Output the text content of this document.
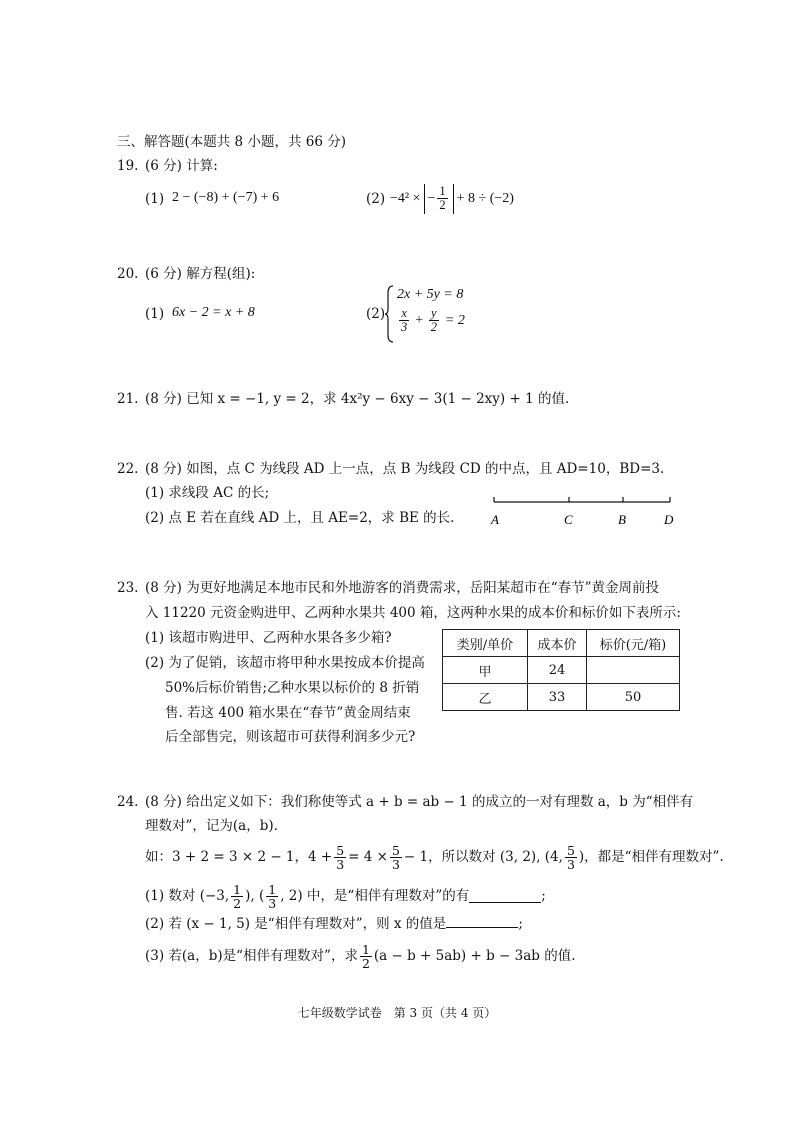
三、解答题(本题共 8 小题，共 66 分)
19. (6 分) 计算:
(1) 2 − (−8) + (−7) + 6	(2) −4² × − $\frac{1}{2} + 8 \div (-2)$
20. (6 分) 解方程(组):
(1) 6x − 2 = x + 8	(2)
2x + 5y = 8
$\frac{x}{3} + \frac{y}{2} = 2$
21. (8 分) 已知 x = −1, y = 2，求 4x²y − 6xy − 3(1 − 2xy) + 1 的值.
22. (8 分) 如图，点 C 为线段 AD 上一点，点 B 为线段 CD 的中点，且 AD=10，BD=3.
(1) 求线段 AC 的长;
(2) 点 E 若在直线 AD 上，且 AE=2，求 BE 的长.	A	C	B	D
23. (8 分) 为更好地满足本地市民和外地游客的消费需求，岳阳某超市在“春节”黄金周前投
入 11220 元资金购进甲、乙两种水果共 400 箱，这两种水果的成本价和标价如下表所示:
(1) 该超市购进甲、乙两种水果各多少箱?
(2) 为了促销，该超市将甲种水果按成本价提高
50%后标价销售;乙种水果以标价的 8 折销
售. 若这 400 箱水果在“春节”黄金周结束
后全部售完，则该超市可获得利润多少元?
类别/单价	成本价	标价(元/箱)
甲	24	
乙	33	50
24. (8 分) 给出定义如下：我们称使等式 a + b = ab − 1 的成立的一对有理数 a，b 为“相伴有
理数对”，记为(a，b).
如：3 + 2 = 3 × 2 − 1，$4 + \frac{5}{3} = 4 \times \frac{5}{3} - 1$，所以数对 (3, 2), (4, $\frac{5}{3}$ )，都是“相伴有理数对”.
(1) 数对 (−3, $\frac{1}{2}$ ), ( $\frac{1}{3}$ , 2) 中，是“相伴有理数对”的有	;
(2) 若 (x − 1, 5) 是“相伴有理数对”，则 x 的值是	;
(3) 若(a，b)是“相伴有理数对”，求 $\frac{1}{2} (a - b + 5ab) + b - 3ab$ 的值.
七年级数学试卷　第 3 页（共 4 页）
